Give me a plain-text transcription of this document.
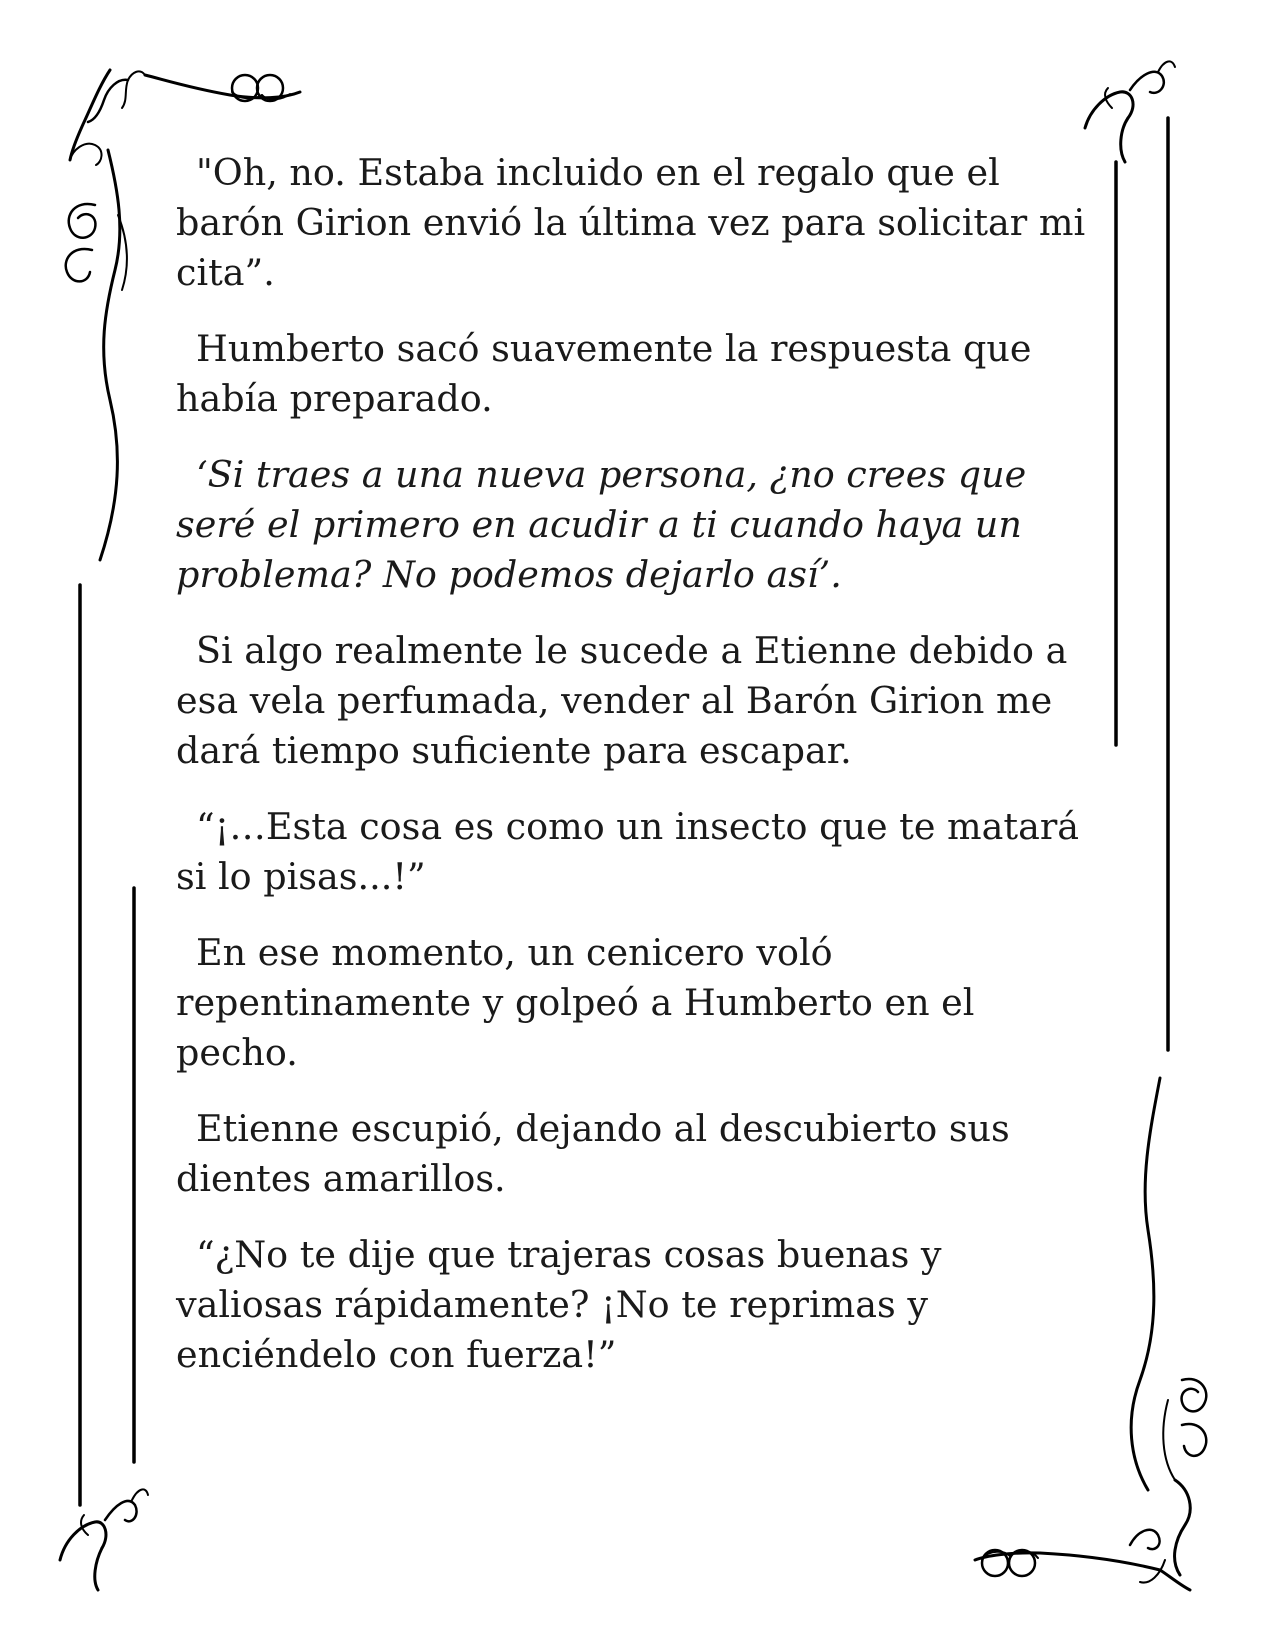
"Oh, no. Estaba incluido en el regalo que el barón Girion envió la última vez para solicitar mi cita”.

Humberto sacó suavemente la respuesta que había preparado.

‘Si traes a una nueva persona, ¿no crees que seré el primero en acudir a ti cuando haya un problema? No podemos dejarlo así’.

Si algo realmente le sucede a Etienne debido a esa vela perfumada, vender al Barón Girion me dará tiempo suficiente para escapar.

“¡…Esta cosa es como un insecto que te matará si lo pisas...!”

En ese momento, un cenicero voló repentinamente y golpeó a Humberto en el pecho.

Etienne escupió, dejando al descubierto sus dientes amarillos.

“¿No te dije que trajeras cosas buenas y valiosas rápidamente? ¡No te reprimas y enciéndelo con fuerza!”
